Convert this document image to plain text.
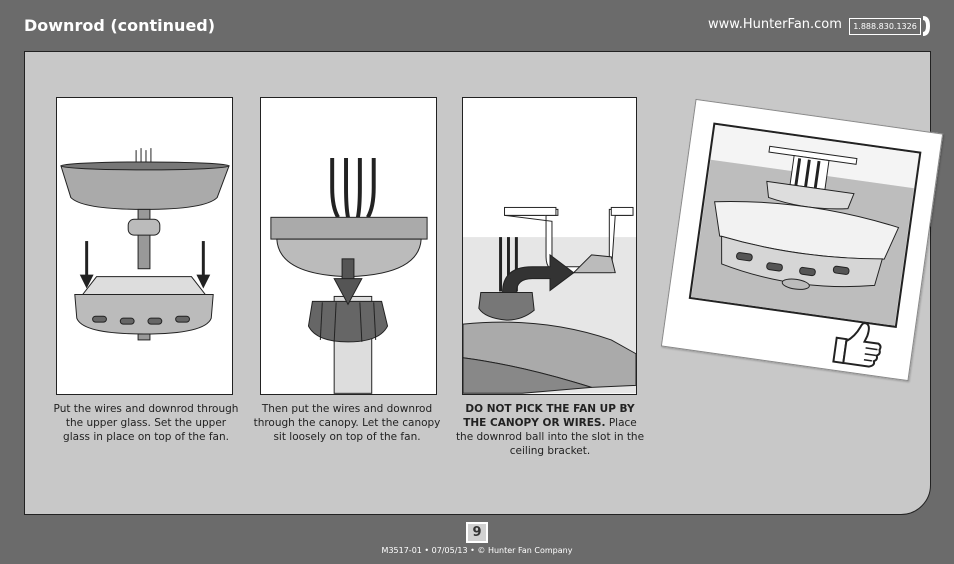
Downrod (continued)	www.HunterFan.com	1.888.830.1326
Put the wires and downrod through the upper glass. Set the upper glass in place on top of the fan.
Then put the wires and downrod through the canopy. Let the canopy sit loosely on top of the fan.
DO NOT PICK THE FAN UP BY THE CANOPY OR WIRES. Place the downrod ball into the slot in the ceiling bracket.
9
M3517-01 • 07/05/13 • © Hunter Fan Company
